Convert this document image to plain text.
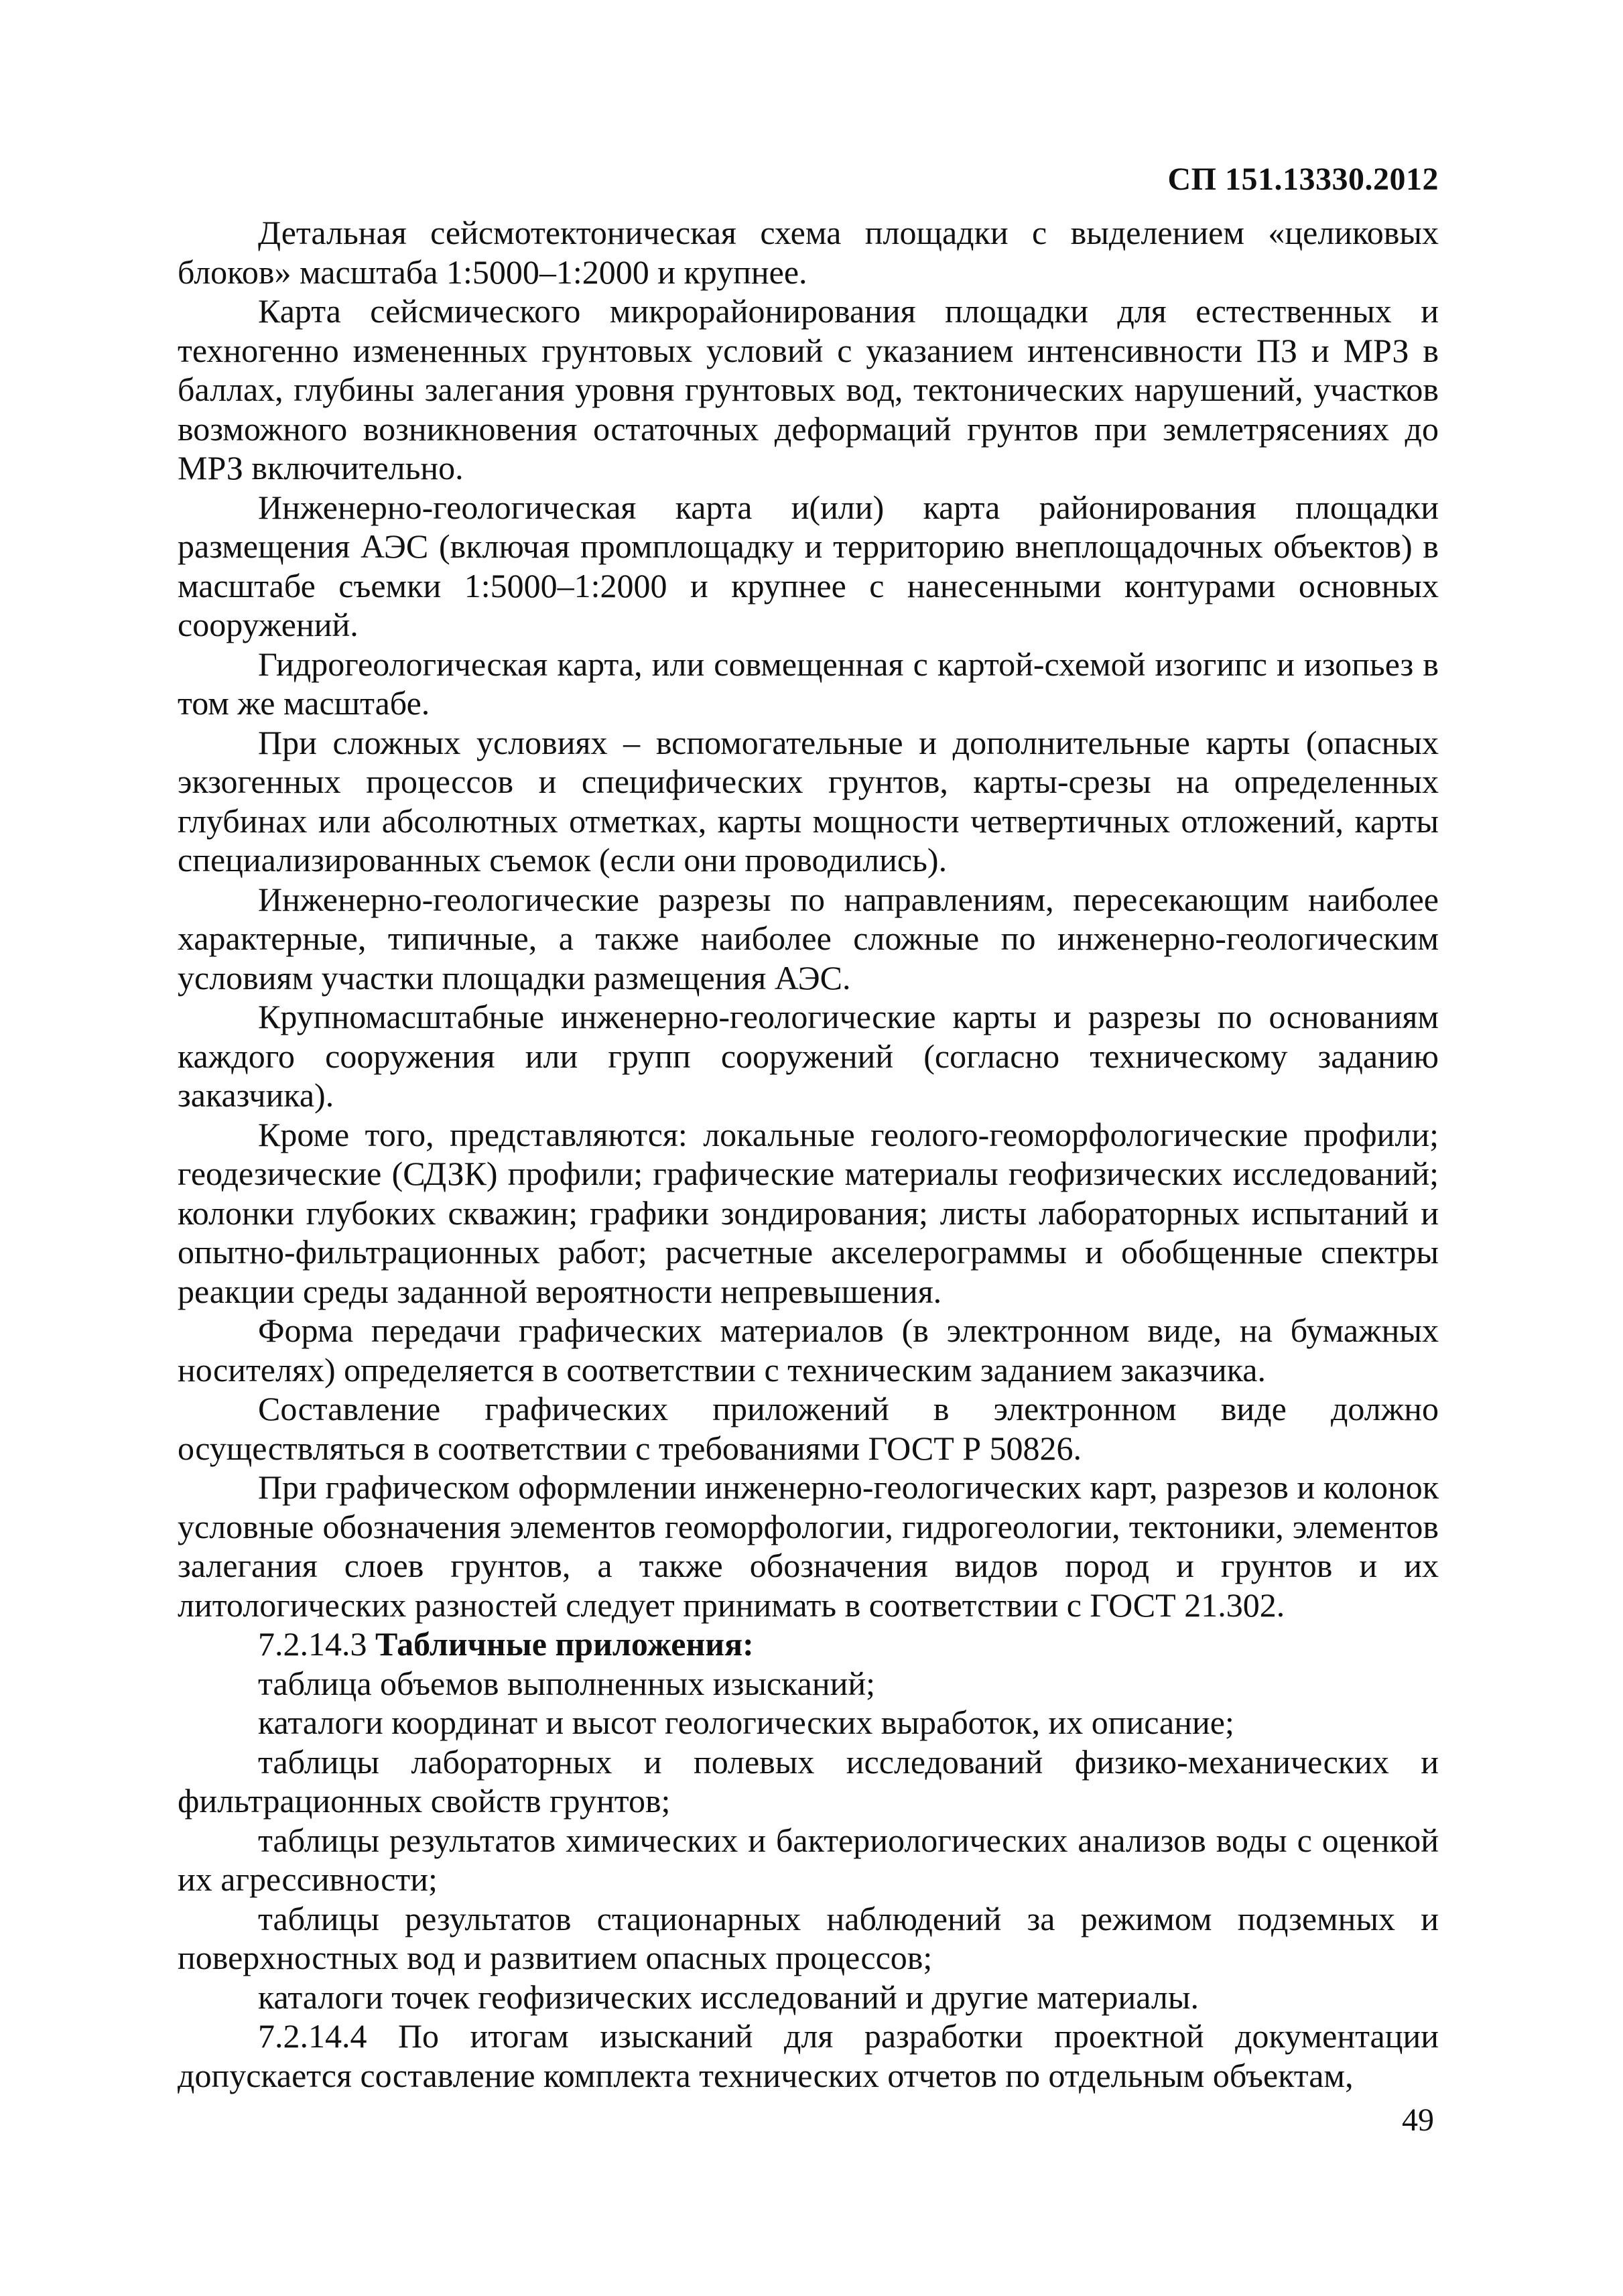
СП 151.13330.2012

Детальная сейсмотектоническая схема площадки с выделением «целиковых блоков» масштаба 1:5000–1:2000 и крупнее.

Карта сейсмического микрорайонирования площадки для естественных и техногенно измененных грунтовых условий с указанием интенсивности ПЗ и МРЗ в баллах, глубины залегания уровня грунтовых вод, тектонических нарушений, участков возможного возникновения остаточных деформаций грунтов при землетрясениях до МРЗ включительно.

Инженерно-геологическая карта и(или) карта районирования площадки размещения АЭС (включая промплощадку и территорию внеплощадочных объектов) в масштабе съемки 1:5000–1:2000 и крупнее с нанесенными контурами основных сооружений.

Гидрогеологическая карта, или совмещенная с картой-схемой изогипс и изопьез в том же масштабе.

При сложных условиях – вспомогательные и дополнительные карты (опасных экзогенных процессов и специфических грунтов, карты-срезы на определенных глубинах или абсолютных отметках, карты мощности четвертичных отложений, карты специализированных съемок (если они проводились).

Инженерно-геологические разрезы по направлениям, пересекающим наиболее характерные, типичные, а также наиболее сложные по инженерно-геологическим условиям участки площадки размещения АЭС.

Крупномасштабные инженерно-геологические карты и разрезы по основаниям каждого сооружения или групп сооружений (согласно техническому заданию заказчика).

Кроме того, представляются: локальные геолого-геоморфологические профили; геодезические (СДЗК) профили; графические материалы геофизических исследований; колонки глубоких скважин; графики зондирования; листы лабораторных испытаний и опытно-фильтрационных работ; расчетные акселерограммы и обобщенные спектры реакции среды заданной вероятности непревышения.

Форма передачи графических материалов (в электронном виде, на бумажных носителях) определяется в соответствии с техническим заданием заказчика.

Составление графических приложений в электронном виде должно осуществляться в соответствии с требованиями ГОСТ Р 50826.

При графическом оформлении инженерно-геологических карт, разрезов и колонок условные обозначения элементов геоморфологии, гидрогеологии, тектоники, элементов залегания слоев грунтов, а также обозначения видов пород и грунтов и их литологических разностей следует принимать в соответствии с ГОСТ 21.302.

7.2.14.3 Табличные приложения:

таблица объемов выполненных изысканий;

каталоги координат и высот геологических выработок, их описание;

таблицы лабораторных и полевых исследований физико-механических и фильтрационных свойств грунтов;

таблицы результатов химических и бактериологических анализов воды с оценкой их агрессивности;

таблицы результатов стационарных наблюдений за режимом подземных и поверхностных вод и развитием опасных процессов;

каталоги точек геофизических исследований и другие материалы.

7.2.14.4 По итогам изысканий для разработки проектной документации допускается составление комплекта технических отчетов по отдельным объектам,

49
